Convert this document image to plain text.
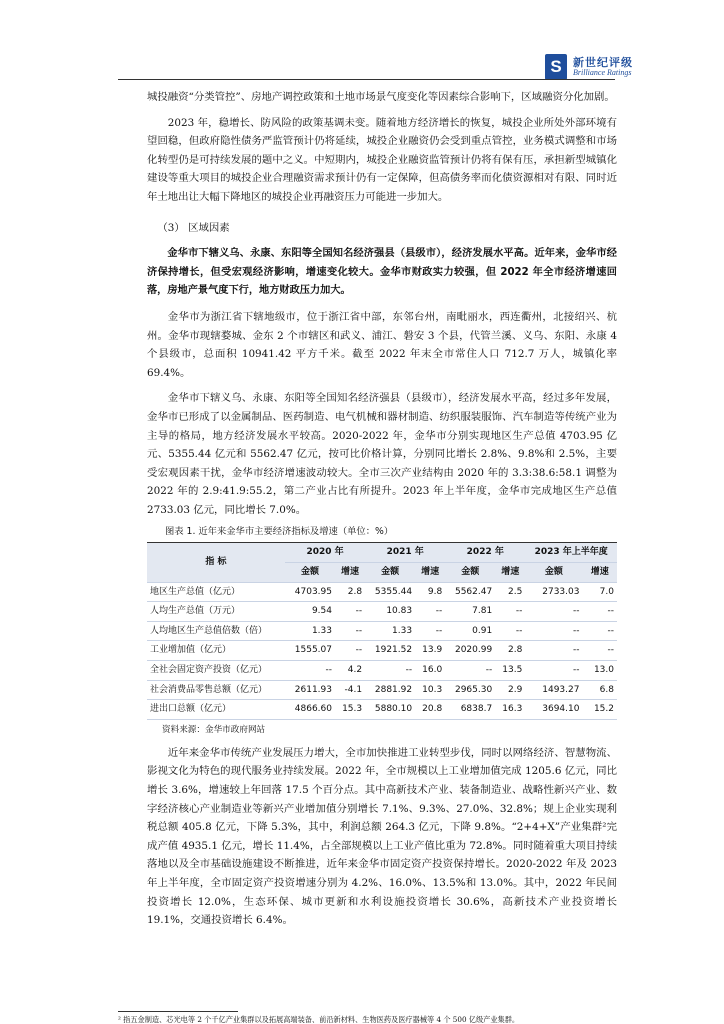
S	新世纪评级
Brilliance Ratings

城投融资“分类管控”、房地产调控政策和土地市场景气度变化等因素综合影响下，区域融资分化加剧。

2023 年，稳增长、防风险的政策基调未变。随着地方经济增长的恢复，城投企业所处外部环境有望回稳，但政府隐性债务严监管预计仍将延续，城投企业融资仍会受到重点管控，业务模式调整和市场化转型仍是可持续发展的题中之义。中短期内，城投企业融资监管预计仍将有保有压，承担新型城镇化建设等重大项目的城投企业合理融资需求预计仍有一定保障，但高债务率而化债资源相对有限、同时近年土地出让大幅下降地区的城投企业再融资压力可能进一步加大。

（3） 区域因素

金华市下辖义乌、永康、东阳等全国知名经济强县（县级市），经济发展水平高。近年来，金华市经济保持增长，但受宏观经济影响，增速变化较大。金华市财政实力较强，但 2022 年全市经济增速回落，房地产景气度下行，地方财政压力加大。

金华市为浙江省下辖地级市，位于浙江省中部，东邻台州，南毗丽水，西连衢州，北接绍兴、杭州。金华市现辖婺城、金东 2 个市辖区和武义、浦江、磐安 3 个县，代管兰溪、义乌、东阳、永康 4 个县级市，总面积 10941.42 平方千米。截至 2022 年末全市常住人口 712.7 万人，城镇化率 69.4%。

金华市下辖义乌、永康、东阳等全国知名经济强县（县级市），经济发展水平高，经过多年发展，金华市已形成了以金属制品、医药制造、电气机械和器材制造、纺织服装服饰、汽车制造等传统产业为主导的格局，地方经济发展水平较高。2020-2022 年，金华市分别实现地区生产总值 4703.95 亿元、5355.44 亿元和 5562.47 亿元，按可比价格计算，分别同比增长 2.8%、9.8%和 2.5%，主要受宏观因素干扰，金华市经济增速波动较大。全市三次产业结构由 2020 年的 3.3:38.6:58.1 调整为 2022 年的 2.9:41.9:55.2，第二产业占比有所提升。2023 年上半年度，金华市完成地区生产总值 2733.03 亿元，同比增长 7.0%。

图表 1. 近年来金华市主要经济指标及增速（单位：%）
指 标	2020 年		2021 年		2022 年		2023 年上半年度	
	金额	增速	金额	增速	金额	增速	金额	增速
地区生产总值（亿元）	4703.95	2.8	5355.44	9.8	5562.47	2.5	2733.03	7.0
人均生产总值（万元）	9.54	--	10.83	--	7.81	--	--	--
人均地区生产总值倍数（倍）	1.33	--	1.33	--	0.91	--	--	--
工业增加值（亿元）	1555.07	--	1921.52	13.9	2020.99	2.8	--	--
全社会固定资产投资（亿元）	--	4.2	--	16.0	--	13.5	--	13.0
社会消费品零售总额（亿元）	2611.93	-4.1	2881.92	10.3	2965.30	2.9	1493.27	6.8
进出口总额（亿元）	4866.60	15.3	5880.10	20.8	6838.7	16.3	3694.10	15.2
资料来源：金华市政府网站

近年来金华市传统产业发展压力增大，全市加快推进工业转型步伐，同时以网络经济、智慧物流、影视文化为特色的现代服务业持续发展。2022 年，全市规模以上工业增加值完成 1205.6 亿元，同比增长 3.6%，增速较上年回落 17.5 个百分点。其中高新技术产业、装备制造业、战略性新兴产业、数字经济核心产业制造业等新兴产业增加值分别增长 7.1%、9.3%、27.0%、32.8%；规上企业实现利税总额 405.8 亿元，下降 5.3%，其中，利润总额 264.3 亿元，下降 9.8%。“2+4+X”产业集群²完成产值 4935.1 亿元，增长 11.4%，占全部规模以上工业产值比重为 72.8%。同时随着重大项目持续落地以及全市基础设施建设不断推进，近年来金华市固定资产投资保持增长。2020-2022 年及 2023 年上半年度，全市固定资产投资增速分别为 4.2%、16.0%、13.5%和 13.0%。其中，2022 年民间投资增长 12.0%，生态环保、城市更新和水利设施投资增长 30.6%，高新技术产业投资增长 19.1%，交通投资增长 6.4%。

² 指五金制造、芯光电等 2 个千亿产业集群以及拓展高端装备、前沿新材料、生物医药及医疗器械等 4 个 500 亿级产业集群。
